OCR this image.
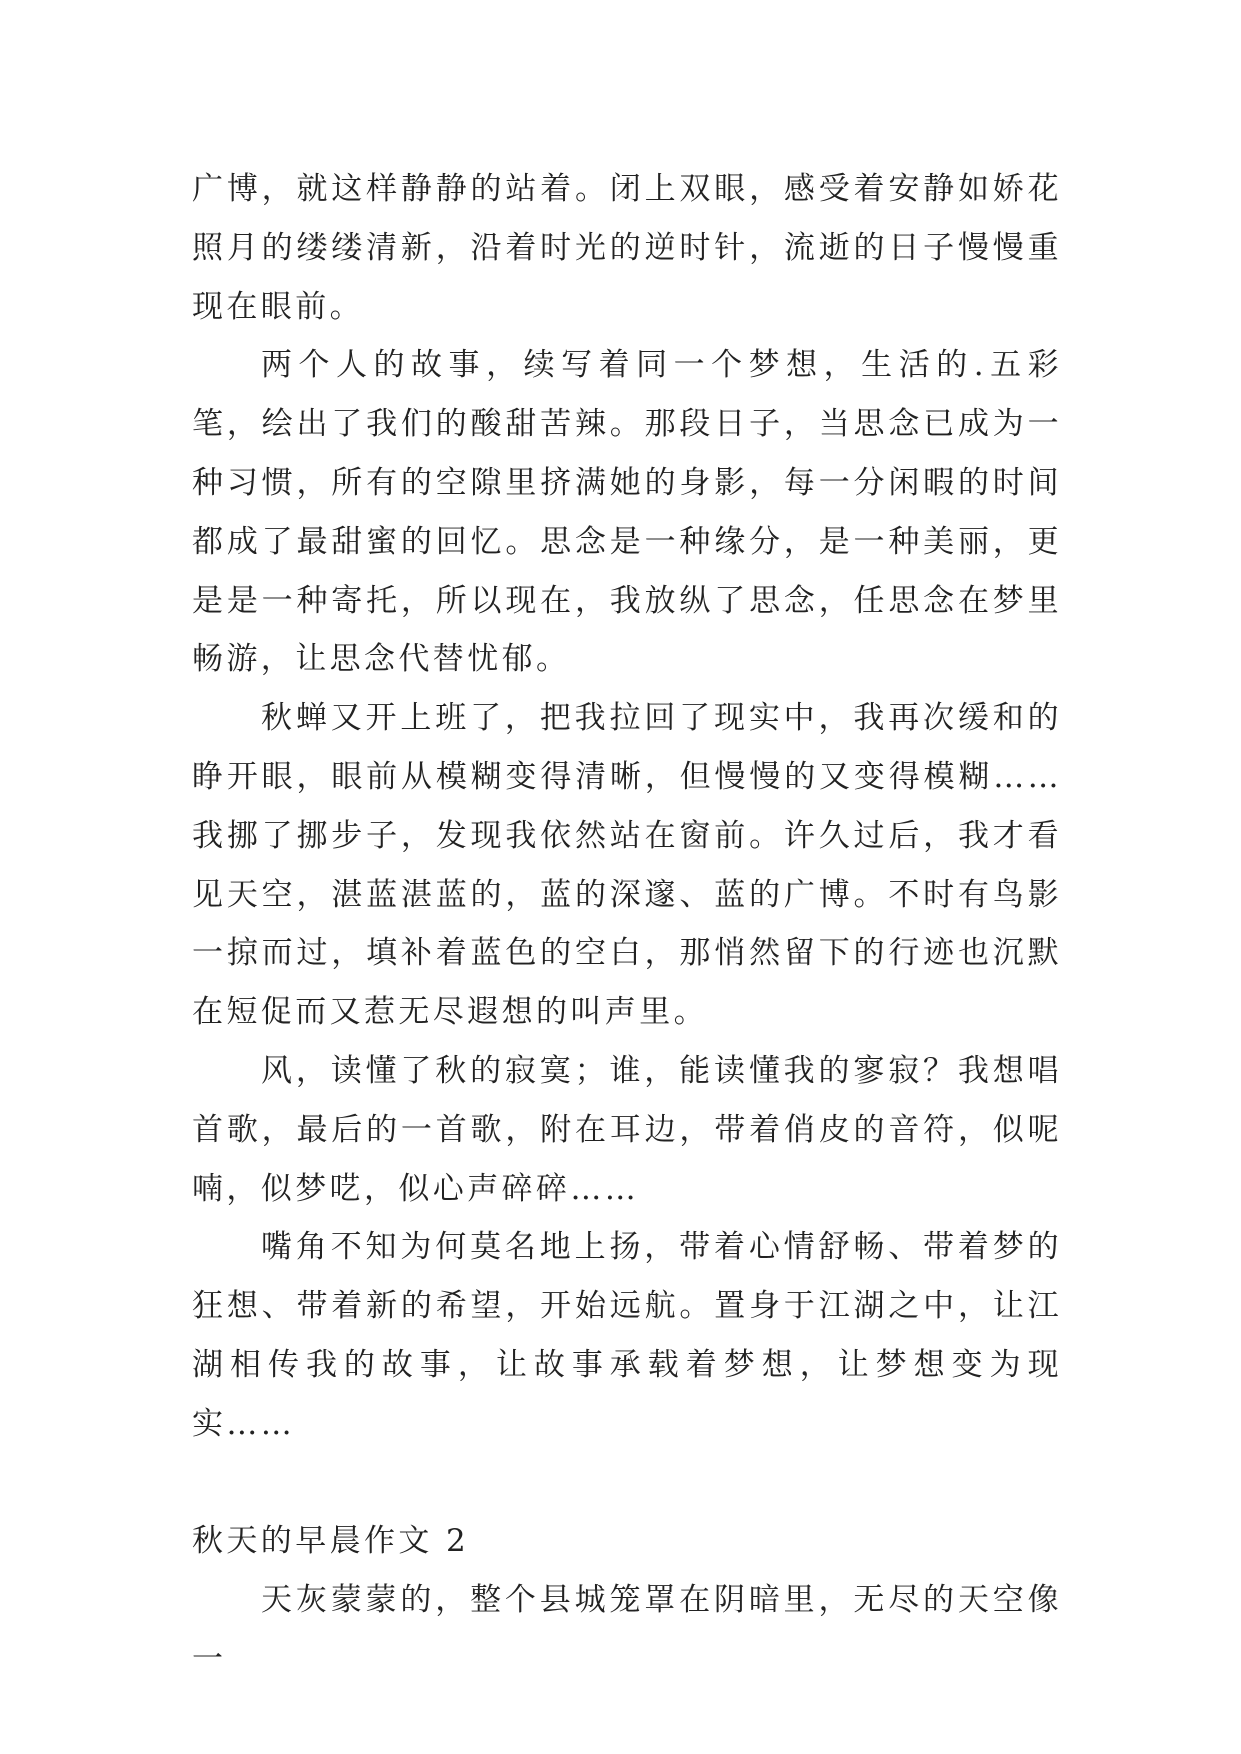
广博，就这样静静的站着。闭上双眼，感受着安静如娇花照月的缕缕清新，沿着时光的逆时针，流逝的日子慢慢重现在眼前。

两个人的故事，续写着同一个梦想，生活的.五彩笔，绘出了我们的酸甜苦辣。那段日子，当思念已成为一种习惯，所有的空隙里挤满她的身影，每一分闲暇的时间都成了最甜蜜的回忆。思念是一种缘分，是一种美丽，更是是一种寄托，所以现在，我放纵了思念，任思念在梦里畅游，让思念代替忧郁。

秋蝉又开上班了，把我拉回了现实中，我再次缓和的睁开眼，眼前从模糊变得清晰，但慢慢的又变得模糊……我挪了挪步子，发现我依然站在窗前。许久过后，我才看见天空，湛蓝湛蓝的，蓝的深邃、蓝的广博。不时有鸟影一掠而过，填补着蓝色的空白，那悄然留下的行迹也沉默在短促而又惹无尽遐想的叫声里。

风，读懂了秋的寂寞；谁，能读懂我的寥寂？我想唱首歌，最后的一首歌，附在耳边，带着俏皮的音符，似呢喃，似梦呓，似心声碎碎……

嘴角不知为何莫名地上扬，带着心情舒畅、带着梦的狂想、带着新的希望，开始远航。置身于江湖之中，让江湖相传我的故事，让故事承载着梦想，让梦想变为现实……

秋天的早晨作文 2

天灰蒙蒙的，整个县城笼罩在阴暗里，无尽的天空像一
